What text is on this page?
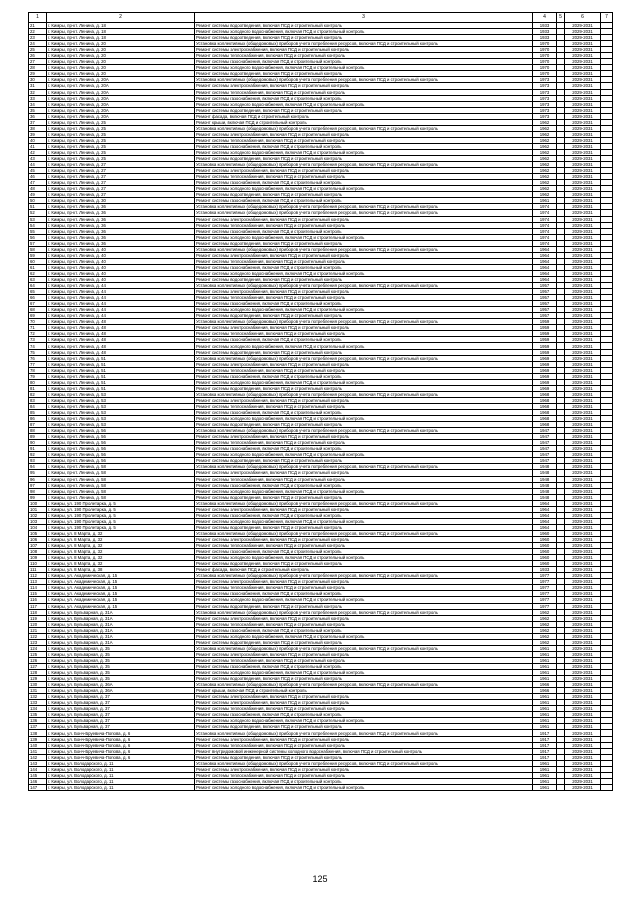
1	2	3	4	5	6	7
21	г. Кимры, пр-кт. Ленина, д. 18	Ремонт системы водоотведения, включая ПСД и строительный контроль	1933		2029-2031	
22	г. Кимры, пр-кт. Ленина, д. 18	Ремонт системы холодного водоснабжения, включая ПСД и строительный контроль	1933		2029-2031	
23	г. Кимры, пр-кт. Ленина, д. 18	Ремонт системы водоотведения, включая ПСД и строительный контроль	1933		2029-2031	
24	г. Кимры, пр-кт. Ленина, д. 20	Установка коллективных (общедомовых) приборов учета потребления ресурсов, включая ПСД и строительный контроль	1970		2029-2031	
25	г. Кимры, пр-кт. Ленина, д. 20	Ремонт системы электроснабжения, включая ПСД и строительный контроль	1970		2029-2031	
26	г. Кимры, пр-кт. Ленина, д. 20	Ремонт системы теплоснабжения, включая ПСД и строительный контроль	1970		2029-2031	
27	г. Кимры, пр-кт. Ленина, д. 20	Ремонт системы газоснабжения, включая ПСД и строительный контроль	1970		2029-2031	
28	г. Кимры, пр-кт. Ленина, д. 20	Ремонт системы холодного водоснабжения, включая ПСД и строительный контроль	1970		2029-2031	
29	г. Кимры, пр-кт. Ленина, д. 20	Ремонт системы водоотведения, включая ПСД и строительный контроль	1970		2029-2031	
30	г. Кимры, пр-кт. Ленина, д. 20А	Установка коллективных (общедомовых) приборов учета потребления ресурсов, включая ПСД и строительный контроль	1973		2029-2031	
31	г. Кимры, пр-кт. Ленина, д. 20А	Ремонт системы электроснабжения, включая ПСД и строительный контроль	1973		2029-2031	
32	г. Кимры, пр-кт. Ленина, д. 20А	Ремонт системы теплоснабжения, включая ПСД и строительный контроль	1973		2029-2031	
33	г. Кимры, пр-кт. Ленина, д. 20А	Ремонт системы газоснабжения, включая ПСД и строительный контроль	1973		2029-2031	
34	г. Кимры, пр-кт. Ленина, д. 20А	Ремонт системы холодного водоснабжения, включая ПСД и строительный контроль	1973		2029-2031	
35	г. Кимры, пр-кт. Ленина, д. 20А	Ремонт системы водоотведения, включая ПСД и строительный контроль	1973		2029-2031	
36	г. Кимры, пр-кт. Ленина, д. 20А	Ремонт фасада, включая ПСД и строительный контроль	1973		2029-2031	
37	г. Кимры, пр-кт. Ленина, д. 25	Ремонт крыши, включая ПСД и строительный контроль	1962		2029-2031	
38	г. Кимры, пр-кт. Ленина, д. 25	Установка коллективных (общедомовых) приборов учета потребления ресурсов, включая ПСД и строительный контроль	1962		2029-2031	
39	г. Кимры, пр-кт. Ленина, д. 25	Ремонт системы электроснабжения, включая ПСД и строительный контроль	1962		2029-2031	
40	г. Кимры, пр-кт. Ленина, д. 25	Ремонт системы теплоснабжения, включая ПСД и строительный контроль	1962		2029-2031	
41	г. Кимры, пр-кт. Ленина, д. 25	Ремонт системы газоснабжения, включая ПСД и строительный контроль	1962		2029-2031	
42	г. Кимры, пр-кт. Ленина, д. 25	Ремонт системы холодного водоснабжения, включая ПСД и строительный контроль	1962		2029-2031	
43	г. Кимры, пр-кт. Ленина, д. 25	Ремонт системы водоотведения, включая ПСД и строительный контроль	1962		2029-2031	
44	г. Кимры, пр-кт. Ленина, д. 27	Установка коллективных (общедомовых) приборов учета потребления ресурсов, включая ПСД и строительный контроль	1962		2029-2031	
45	г. Кимры, пр-кт. Ленина, д. 27	Ремонт системы электроснабжения, включая ПСД и строительный контроль	1962		2029-2031	
46	г. Кимры, пр-кт. Ленина, д. 27	Ремонт системы теплоснабжения, включая ПСД и строительный контроль	1962		2029-2031	
47	г. Кимры, пр-кт. Ленина, д. 27	Ремонт системы газоснабжения, включая ПСД и строительный контроль	1962		2029-2031	
48	г. Кимры, пр-кт. Ленина, д. 27	Ремонт системы холодного водоснабжения, включая ПСД и строительный контроль	1962		2029-2031	
49	г. Кимры, пр-кт. Ленина, д. 27	Ремонт системы водоотведения, включая ПСД и строительный контроль	1962		2029-2031	
50	г. Кимры, пр-кт. Ленина, д. 30	Ремонт системы газоснабжения, включая ПСД и строительный контроль	1961		2029-2031	
51	г. Кимры, пр-кт. Ленина, д. 36	Установка коллективных (общедомовых) приборов учета потребления ресурсов, включая ПСД и строительный контроль	1974		2029-2031	
52	г. Кимры, пр-кт. Ленина, д. 36	Установка коллективных (общедомовых) приборов учета потребления ресурсов, включая ПСД и строительный контроль	1974		2029-2031	
53	г. Кимры, пр-кт. Ленина, д. 36	Ремонт системы электроснабжения, включая ПСД и строительный контроль	1974		2029-2031	
54	г. Кимры, пр-кт. Ленина, д. 36	Ремонт системы теплоснабжения, включая ПСД и строительный контроль	1974		2029-2031	
55	г. Кимры, пр-кт. Ленина, д. 36	Ремонт системы газоснабжения, включая ПСД и строительный контроль	1974		2029-2031	
56	г. Кимры, пр-кт. Ленина, д. 36	Ремонт системы холодного водоснабжения, включая ПСД и строительный контроль	1974		2029-2031	
57	г. Кимры, пр-кт. Ленина, д. 36	Ремонт системы водоотведения, включая ПСД и строительный контроль	1974		2029-2031	
58	г. Кимры, пр-кт. Ленина, д. 40	Установка коллективных (общедомовых) приборов учета потребления ресурсов, включая ПСД и строительный контроль	1964		2029-2031	
59	г. Кимры, пр-кт. Ленина, д. 40	Ремонт системы электроснабжения, включая ПСД и строительный контроль	1964		2029-2031	
60	г. Кимры, пр-кт. Ленина, д. 40	Ремонт системы теплоснабжения, включая ПСД и строительный контроль	1964		2029-2031	
61	г. Кимры, пр-кт. Ленина, д. 40	Ремонт системы газоснабжения, включая ПСД и строительный контроль	1964		2029-2031	
62	г. Кимры, пр-кт. Ленина, д. 40	Ремонт системы холодного водоснабжения, включая ПСД и строительный контроль	1964		2029-2031	
63	г. Кимры, пр-кт. Ленина, д. 40	Ремонт системы водоотведения, включая ПСД и строительный контроль	1964		2029-2031	
64	г. Кимры, пр-кт. Ленина, д. 44	Установка коллективных (общедомовых) приборов учета потребления ресурсов, включая ПСД и строительный контроль	1957		2029-2031	
65	г. Кимры, пр-кт. Ленина, д. 44	Ремонт системы электроснабжения, включая ПСД и строительный контроль	1957		2029-2031	
66	г. Кимры, пр-кт. Ленина, д. 44	Ремонт системы теплоснабжения, включая ПСД и строительный контроль	1957		2029-2031	
67	г. Кимры, пр-кт. Ленина, д. 44	Ремонт системы газоснабжения, включая ПСД и строительный контроль	1957		2029-2031	
68	г. Кимры, пр-кт. Ленина, д. 44	Ремонт системы холодного водоснабжения, включая ПСД и строительный контроль	1957		2029-2031	
69	г. Кимры, пр-кт. Ленина, д. 44	Ремонт системы водоотведения, включая ПСД и строительный контроль	1957		2029-2031	
70	г. Кимры, пр-кт. Ленина, д. 48	Установка коллективных (общедомовых) приборов учета потребления ресурсов, включая ПСД и строительный контроль	1959		2029-2031	
71	г. Кимры, пр-кт. Ленина, д. 48	Ремонт системы электроснабжения, включая ПСД и строительный контроль	1959		2029-2031	
72	г. Кимры, пр-кт. Ленина, д. 48	Ремонт системы теплоснабжения, включая ПСД и строительный контроль	1959		2029-2031	
73	г. Кимры, пр-кт. Ленина, д. 48	Ремонт системы газоснабжения, включая ПСД и строительный контроль	1959		2029-2031	
74	г. Кимры, пр-кт. Ленина, д. 48	Ремонт системы холодного водоснабжения, включая ПСД и строительный контроль	1959		2029-2031	
75	г. Кимры, пр-кт. Ленина, д. 48	Ремонт системы водоотведения, включая ПСД и строительный контроль	1959		2029-2031	
76	г. Кимры, пр-кт. Ленина, д. 51	Установка коллективных (общедомовых) приборов учета потребления ресурсов, включая ПСД и строительный контроль	1969		2029-2031	
77	г. Кимры, пр-кт. Ленина, д. 51	Ремонт системы электроснабжения, включая ПСД и строительный контроль	1969		2029-2031	
78	г. Кимры, пр-кт. Ленина, д. 51	Ремонт системы теплоснабжения, включая ПСД и строительный контроль	1969		2029-2031	
79	г. Кимры, пр-кт. Ленина, д. 51	Ремонт системы газоснабжения, включая ПСД и строительный контроль	1969		2029-2031	
80	г. Кимры, пр-кт. Ленина, д. 51	Ремонт системы холодного водоснабжения, включая ПСД и строительный контроль	1969		2029-2031	
81	г. Кимры, пр-кт. Ленина, д. 51	Ремонт системы водоотведения, включая ПСД и строительный контроль	1969		2029-2031	
82	г. Кимры, пр-кт. Ленина, д. 53	Установка коллективных (общедомовых) приборов учета потребления ресурсов, включая ПСД и строительный контроль	1968		2029-2031	
83	г. Кимры, пр-кт. Ленина, д. 53	Ремонт системы электроснабжения, включая ПСД и строительный контроль	1968		2029-2031	
84	г. Кимры, пр-кт. Ленина, д. 53	Ремонт системы теплоснабжения, включая ПСД и строительный контроль	1968		2029-2031	
85	г. Кимры, пр-кт. Ленина, д. 53	Ремонт системы газоснабжения, включая ПСД и строительный контроль	1968		2029-2031	
86	г. Кимры, пр-кт. Ленина, д. 53	Ремонт системы холодного водоснабжения, включая ПСД и строительный контроль	1968		2029-2031	
87	г. Кимры, пр-кт. Ленина, д. 53	Ремонт системы водоотведения, включая ПСД и строительный контроль	1968		2029-2031	
88	г. Кимры, пр-кт. Ленина, д. 56	Установка коллективных (общедомовых) приборов учета потребления ресурсов, включая ПСД и строительный контроль	1947		2029-2031	
89	г. Кимры, пр-кт. Ленина, д. 56	Ремонт системы электроснабжения, включая ПСД и строительный контроль	1947		2029-2031	
90	г. Кимры, пр-кт. Ленина, д. 56	Ремонт системы теплоснабжения, включая ПСД и строительный контроль	1947		2029-2031	
91	г. Кимры, пр-кт. Ленина, д. 56	Ремонт системы газоснабжения, включая ПСД и строительный контроль	1947		2029-2031	
92	г. Кимры, пр-кт. Ленина, д. 56	Ремонт системы холодного водоснабжения, включая ПСД и строительный контроль	1947		2029-2031	
93	г. Кимры, пр-кт. Ленина, д. 56	Ремонт системы водоотведения, включая ПСД и строительный контроль	1947		2029-2031	
94	г. Кимры, пр-кт. Ленина, д. 58	Установка коллективных (общедомовых) приборов учета потребления ресурсов, включая ПСД и строительный контроль	1948		2029-2031	
95	г. Кимры, пр-кт. Ленина, д. 58	Ремонт системы электроснабжения, включая ПСД и строительный контроль	1948		2029-2031	
96	г. Кимры, пр-кт. Ленина, д. 58	Ремонт системы теплоснабжения, включая ПСД и строительный контроль	1948		2029-2031	
97	г. Кимры, пр-кт. Ленина, д. 58	Ремонт системы газоснабжения, включая ПСД и строительный контроль	1948		2029-2031	
98	г. Кимры, пр-кт. Ленина, д. 58	Ремонт системы холодного водоснабжения, включая ПСД и строительный контроль	1948		2029-2031	
99	г. Кимры, пр-кт. Ленина, д. 58	Ремонт системы водоотведения, включая ПСД и строительный контроль	1948		2029-2031	
100	г. Кимры, ул. 190 Пролетарка, д. 5	Установка коллективных (общедомовых) приборов учета потребления ресурсов, включая ПСД и строительный контроль	1964		2029-2031	
101	г. Кимры, ул. 190 Пролетарка, д. 5	Ремонт системы электроснабжения, включая ПСД и строительный контроль	1964		2029-2031	
102	г. Кимры, ул. 190 Пролетарка, д. 5	Ремонт системы газоснабжения, включая ПСД и строительный контроль	1964		2029-2031	
103	г. Кимры, ул. 190 Пролетарка, д. 5	Ремонт системы холодного водоснабжения, включая ПСД и строительный контроль	1964		2029-2031	
104	г. Кимры, ул. 190 Пролетарка, д. 5	Ремонт системы водоотведения, включая ПСД и строительный контроль	1964		2029-2031	
105	г. Кимры, ул. 8 Марта, д. 32	Установка коллективных (общедомовых) приборов учета потребления ресурсов, включая ПСД и строительный контроль	1960		2029-2031	
106	г. Кимры, ул. 8 Марта, д. 32	Ремонт системы электроснабжения, включая ПСД и строительный контроль	1960		2029-2031	
107	г. Кимры, ул. 8 Марта, д. 32	Ремонт системы теплоснабжения, включая ПСД и строительный контроль	1960		2029-2031	
108	г. Кимры, ул. 8 Марта, д. 32	Ремонт системы газоснабжения, включая ПСД и строительный контроль	1960		2029-2031	
109	г. Кимры, ул. 8 Марта, д. 32	Ремонт системы холодного водоснабжения, включая ПСД и строительный контроль	1960		2029-2031	
110	г. Кимры, ул. 8 Марта, д. 32	Ремонт системы водоотведения, включая ПСД и строительный контроль	1960		2029-2031	
111	г. Кимры, ул. 8 Марта, д. 38	Ремонт фасада, включая ПСД и строительный контроль	1933		2029-2031	
112	г. Кимры, ул. Академическая, д. 15	Установка коллективных (общедомовых) приборов учета потребления ресурсов, включая ПСД и строительный контроль	1977		2029-2031	
113	г. Кимры, ул. Академическая, д. 15	Ремонт системы электроснабжения, включая ПСД и строительный контроль	1977		2029-2031	
114	г. Кимры, ул. Академическая, д. 15	Ремонт системы теплоснабжения, включая ПСД и строительный контроль	1977		2029-2031	
115	г. Кимры, ул. Академическая, д. 15	Ремонт системы газоснабжения, включая ПСД и строительный контроль	1977		2029-2031	
116	г. Кимры, ул. Академическая, д. 15	Ремонт системы холодного водоснабжения, включая ПСД и строительный контроль	1977		2029-2031	
117	г. Кимры, ул. Академическая, д. 15	Ремонт системы водоотведения, включая ПСД и строительный контроль	1977		2029-2031	
118	г. Кимры, ул. Бульварная, д. 31А	Установка коллективных (общедомовых) приборов учета потребления ресурсов, включая ПСД и строительный контроль	1962		2029-2031	
119	г. Кимры, ул. Бульварная, д. 31А	Ремонт системы электроснабжения, включая ПСД и строительный контроль	1962		2029-2031	
120	г. Кимры, ул. Бульварная, д. 31А	Ремонт системы теплоснабжения, включая ПСД и строительный контроль	1962		2029-2031	
121	г. Кимры, ул. Бульварная, д. 31А	Ремонт системы газоснабжения, включая ПСД и строительный контроль	1962		2029-2031	
122	г. Кимры, ул. Бульварная, д. 31А	Ремонт системы холодного водоснабжения, включая ПСД и строительный контроль	1962		2029-2031	
123	г. Кимры, ул. Бульварная, д. 31А	Ремонт системы водоотведения, включая ПСД и строительный контроль	1962		2029-2031	
124	г. Кимры, ул. Бульварная, д. 35	Установка коллективных (общедомовых) приборов учета потребления ресурсов, включая ПСД и строительный контроль	1961		2029-2031	
125	г. Кимры, ул. Бульварная, д. 35	Ремонт системы электроснабжения, включая ПСД и строительный контроль	1961		2029-2031	
126	г. Кимры, ул. Бульварная, д. 35	Ремонт системы теплоснабжения, включая ПСД и строительный контроль	1961		2029-2031	
127	г. Кимры, ул. Бульварная, д. 35	Ремонт системы газоснабжения, включая ПСД и строительный контроль	1961		2029-2031	
128	г. Кимры, ул. Бульварная, д. 35	Ремонт системы холодного водоснабжения, включая ПСД и строительный контроль	1961		2029-2031	
129	г. Кимры, ул. Бульварная, д. 35	Ремонт системы водоотведения, включая ПСД и строительный контроль	1961		2029-2031	
130	г. Кимры, ул. Бульварная, д. 36А	Установка коллективных (общедомовых) приборов учета потребления ресурсов, включая ПСД и строительный контроль	1966		2029-2031	
131	г. Кимры, ул. Бульварная, д. 36А	Ремонт крыши, включая ПСД и строительный контроль	1966		2029-2031	
132	г. Кимры, ул. Бульварная, д. 37	Ремонт системы электроснабжения, включая ПСД и строительный контроль	1961		2029-2031	
133	г. Кимры, ул. Бульварная, д. 37	Ремонт системы электроснабжения, включая ПСД и строительный контроль	1961		2029-2031	
134	г. Кимры, ул. Бульварная, д. 37	Ремонт системы теплоснабжения, включая ПСД и строительный контроль	1961		2029-2031	
135	г. Кимры, ул. Бульварная, д. 37	Ремонт системы газоснабжения, включая ПСД и строительный контроль	1961		2029-2031	
136	г. Кимры, ул. Бульварная, д. 37	Ремонт системы холодного водоснабжения, включая ПСД и строительный контроль	1961		2029-2031	
137	г. Кимры, ул. Бульварная, д. 37	Ремонт системы водоотведения, включая ПСД и строительный контроль	1961		2029-2031	
138	г. Кимры, ул. Бонч-Бруевича-Попова, д. 6	Установка коллективных (общедомовых) приборов учета потребления ресурсов, включая ПСД и строительный контроль	1917		2029-2031	
139	г. Кимры, ул. Бонч-Бруевича-Попова, д. 6	Ремонт системы электроснабжения, включая ПСД и строительный контроль	1917		2029-2031	
140	г. Кимры, ул. Бонч-Бруевича-Попова, д. 6	Ремонт системы теплоснабжения, включая ПСД и строительный контроль	1917		2029-2031	
141	г. Кимры, ул. Бонч-Бруевича-Попова, д. 6	Ремонт внутридомовой инженерной системы холодного водоснабжения, включая ПСД и строительный контроль	1917		2029-2031	
142	г. Кимры, ул. Бонч-Бруевича-Попова, д. 6	Ремонт системы водоотведения, включая ПСД и строительный контроль	1917		2029-2031	
143	г. Кимры, ул. Володарского, д. 11	Установка коллективных (общедомовых) приборов учета потребления ресурсов, включая ПСД и строительный контроль	1961		2029-2031	
144	г. Кимры, ул. Володарского, д. 11	Ремонт системы электроснабжения, включая ПСД и строительный контроль	1961		2029-2031	
145	г. Кимры, ул. Володарского, д. 11	Ремонт системы теплоснабжения, включая ПСД и строительный контроль	1961		2029-2031	
146	г. Кимры, ул. Володарского, д. 11	Ремонт системы газоснабжения, включая ПСД и строительный контроль	1961		2029-2031	
147	г. Кимры, ул. Володарского, д. 11	Ремонт системы холодного водоснабжения, включая ПСД и строительный контроль	1961		2029-2031	
125
